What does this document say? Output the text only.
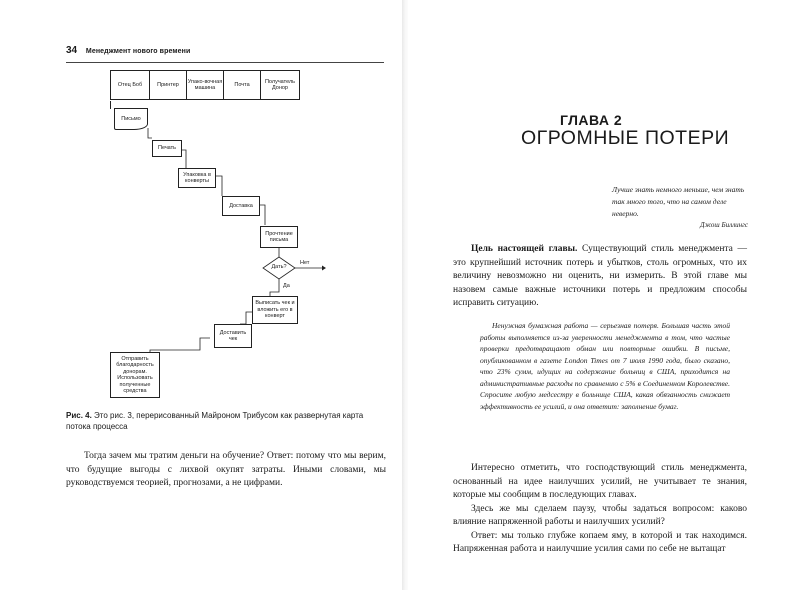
34 Менеджмент нового времени
Отец Боб	Принтер
Упако-вочная машина
Почта
Получатель Донор
Письмо
Печать
Упаковка в конверты
Доставка
Прочтение письма
Дать?
Нет
Да
Выписать чек и вложить его в конверт
Доставить чек
Отправить благодарность донорам. Использовать полученные средства
Рис. 4. Это рис. 3, перерисованный Майроном Трибусом как развернутая карта потока процесса

Тогда зачем мы тратим деньги на обучение? Ответ: потому что мы верим, что будущие выгоды с лихвой окупят затраты. Иными словами, мы руководствуемся теорией, прогнозами, а не цифрами.

ГЛАВА 2
ОГРОМНЫЕ ПОТЕРИ
Лучше знать немного меньше, чем знать так много того, что на самом деле неверно.
Джош Биллингс

Цель настоящей главы. Существующий стиль менеджмента — это крупнейший источник потерь и убытков, столь огромных, что их величину невозможно ни оценить, ни измерить. В этой главе мы назовем самые важные источники потерь и предложим способы исправить ситуацию.

Ненужная бумажная работа — серьезная потеря. Большая часть этой работы выполняется из-за уверенности менеджмента в том, что частые проверки предотвращают обман или повторные ошибки. В письме, опубликованном в газете London Times от 7 июля 1990 года, было сказано, что 23% сумм, идущих на содержание больниц в США, приходится на административные расходы по сравнению с 5% в Соединенном Королевстве. Спросите любую медсестру в больнице США, какая обязанность снижает эффективность ее усилий, и она ответит: заполнение бумаг.

Интересно отметить, что господствующий стиль менеджмента, основанный на идее наилучших усилий, не учитывает те знания, которые мы сообщим в последующих главах.

Здесь же мы сделаем паузу, чтобы задаться вопросом: каково влияние напряженной работы и наилучших усилий?

Ответ: мы только глубже копаем яму, в которой и так находимся. Напряженная работа и наилучшие усилия сами по себе не вытащат
